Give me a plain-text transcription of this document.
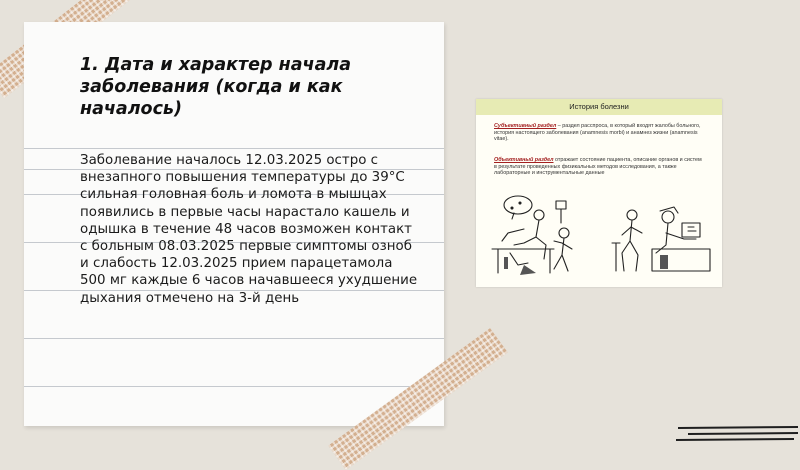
1. Дата и характер начала заболевания (когда и как началось)

Заболевание началось 12.03.2025 остро с внезапного повышения температуры до 39°С сильная головная боль и ломота в мышцах появились в первые часы нарастало кашель и одышка в течение 48 часов возможен контакт с больным 08.03.2025 первые симптомы озноб и слабость 12.03.2025 прием парацетамола 500 мг каждые 6 часов начавшееся ухудшение дыхания отмечено на 3-й день

История болезни

Субъективный раздел – раздел расспроса, в который входят жалобы больного, история настоящего заболевания (anamnesis morbi) и анамнез жизни (anamnesis vitae).

Объективный раздел отражает состояние пациента, описание органов и систем в результате проведенных физикальных методов исследования, а также лабораторные и инструментальные данные
